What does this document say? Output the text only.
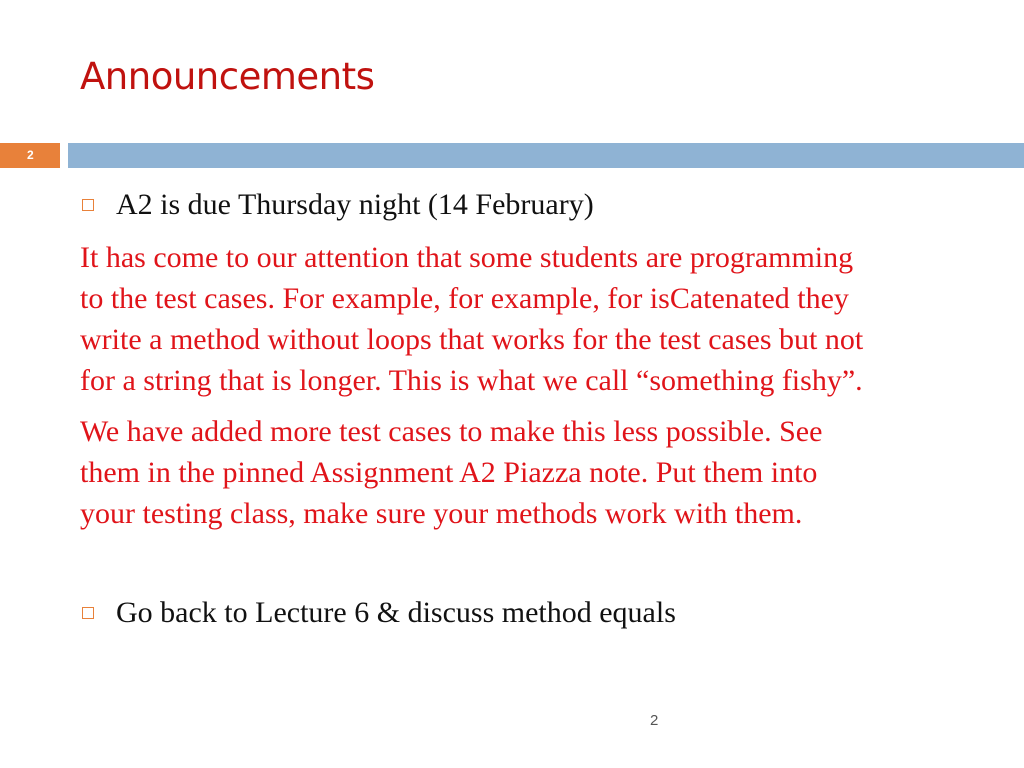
Announcements
2
A2 is due Thursday night (14 February)
It has come to our attention that some students are programming
to the test cases. For example, for example, for isCatenated they
write a method without loops that works for the test cases but not
for a string that is longer. This is what we call “something fishy”.
We have added more test cases to make this less possible. See
them in the pinned Assignment A2 Piazza note. Put them into
your testing class, make sure your methods work with them.
Go back to Lecture 6 & discuss method equals
2
